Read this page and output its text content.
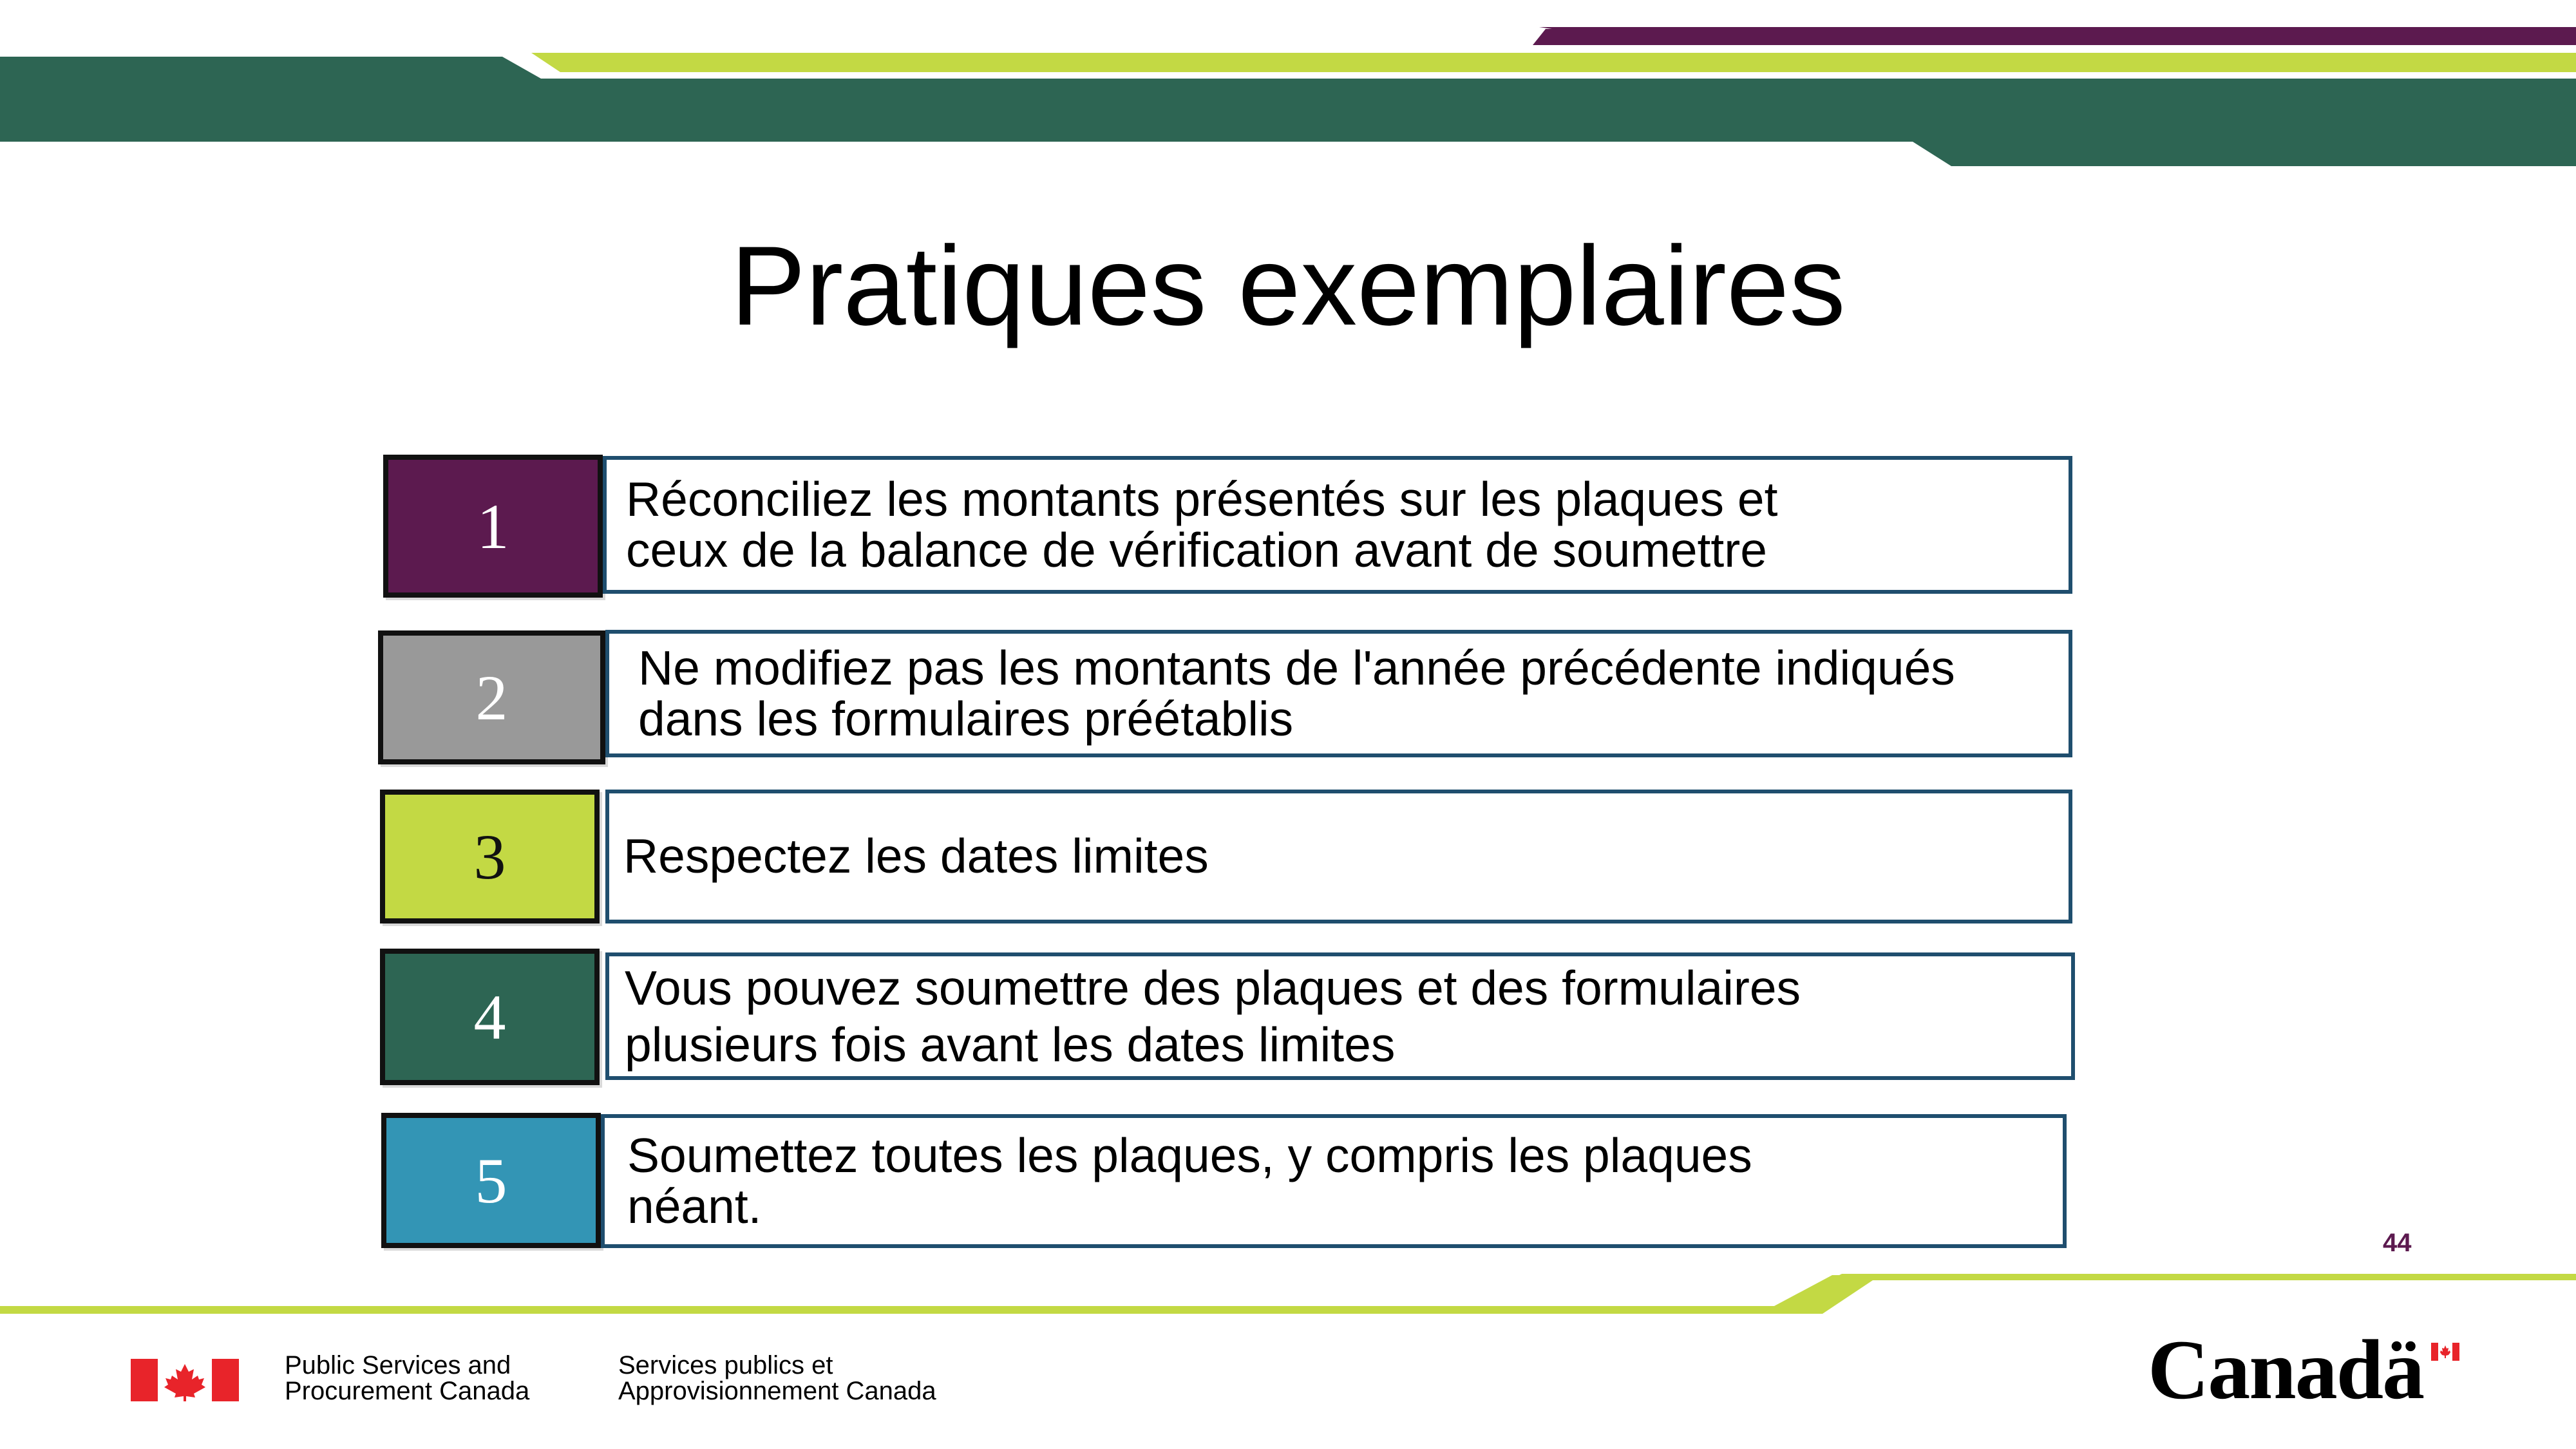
Pratiques exemplaires
1	Réconciliez les montants présentés sur les plaques et ceux de la balance de vérification avant de soumettre
2	Ne modifiez pas les montants de l'année précédente indiqués dans les formulaires préétablis
3	Respectez les dates limites
4	Vous pouvez soumettre des plaques et des formulaires plusieurs fois avant les dates limites
5	Soumettez toutes les plaques, y compris les plaques néant.
44
Public Services and
Procurement Canada
Services publics et
Approvisionnement Canada	Canadä
